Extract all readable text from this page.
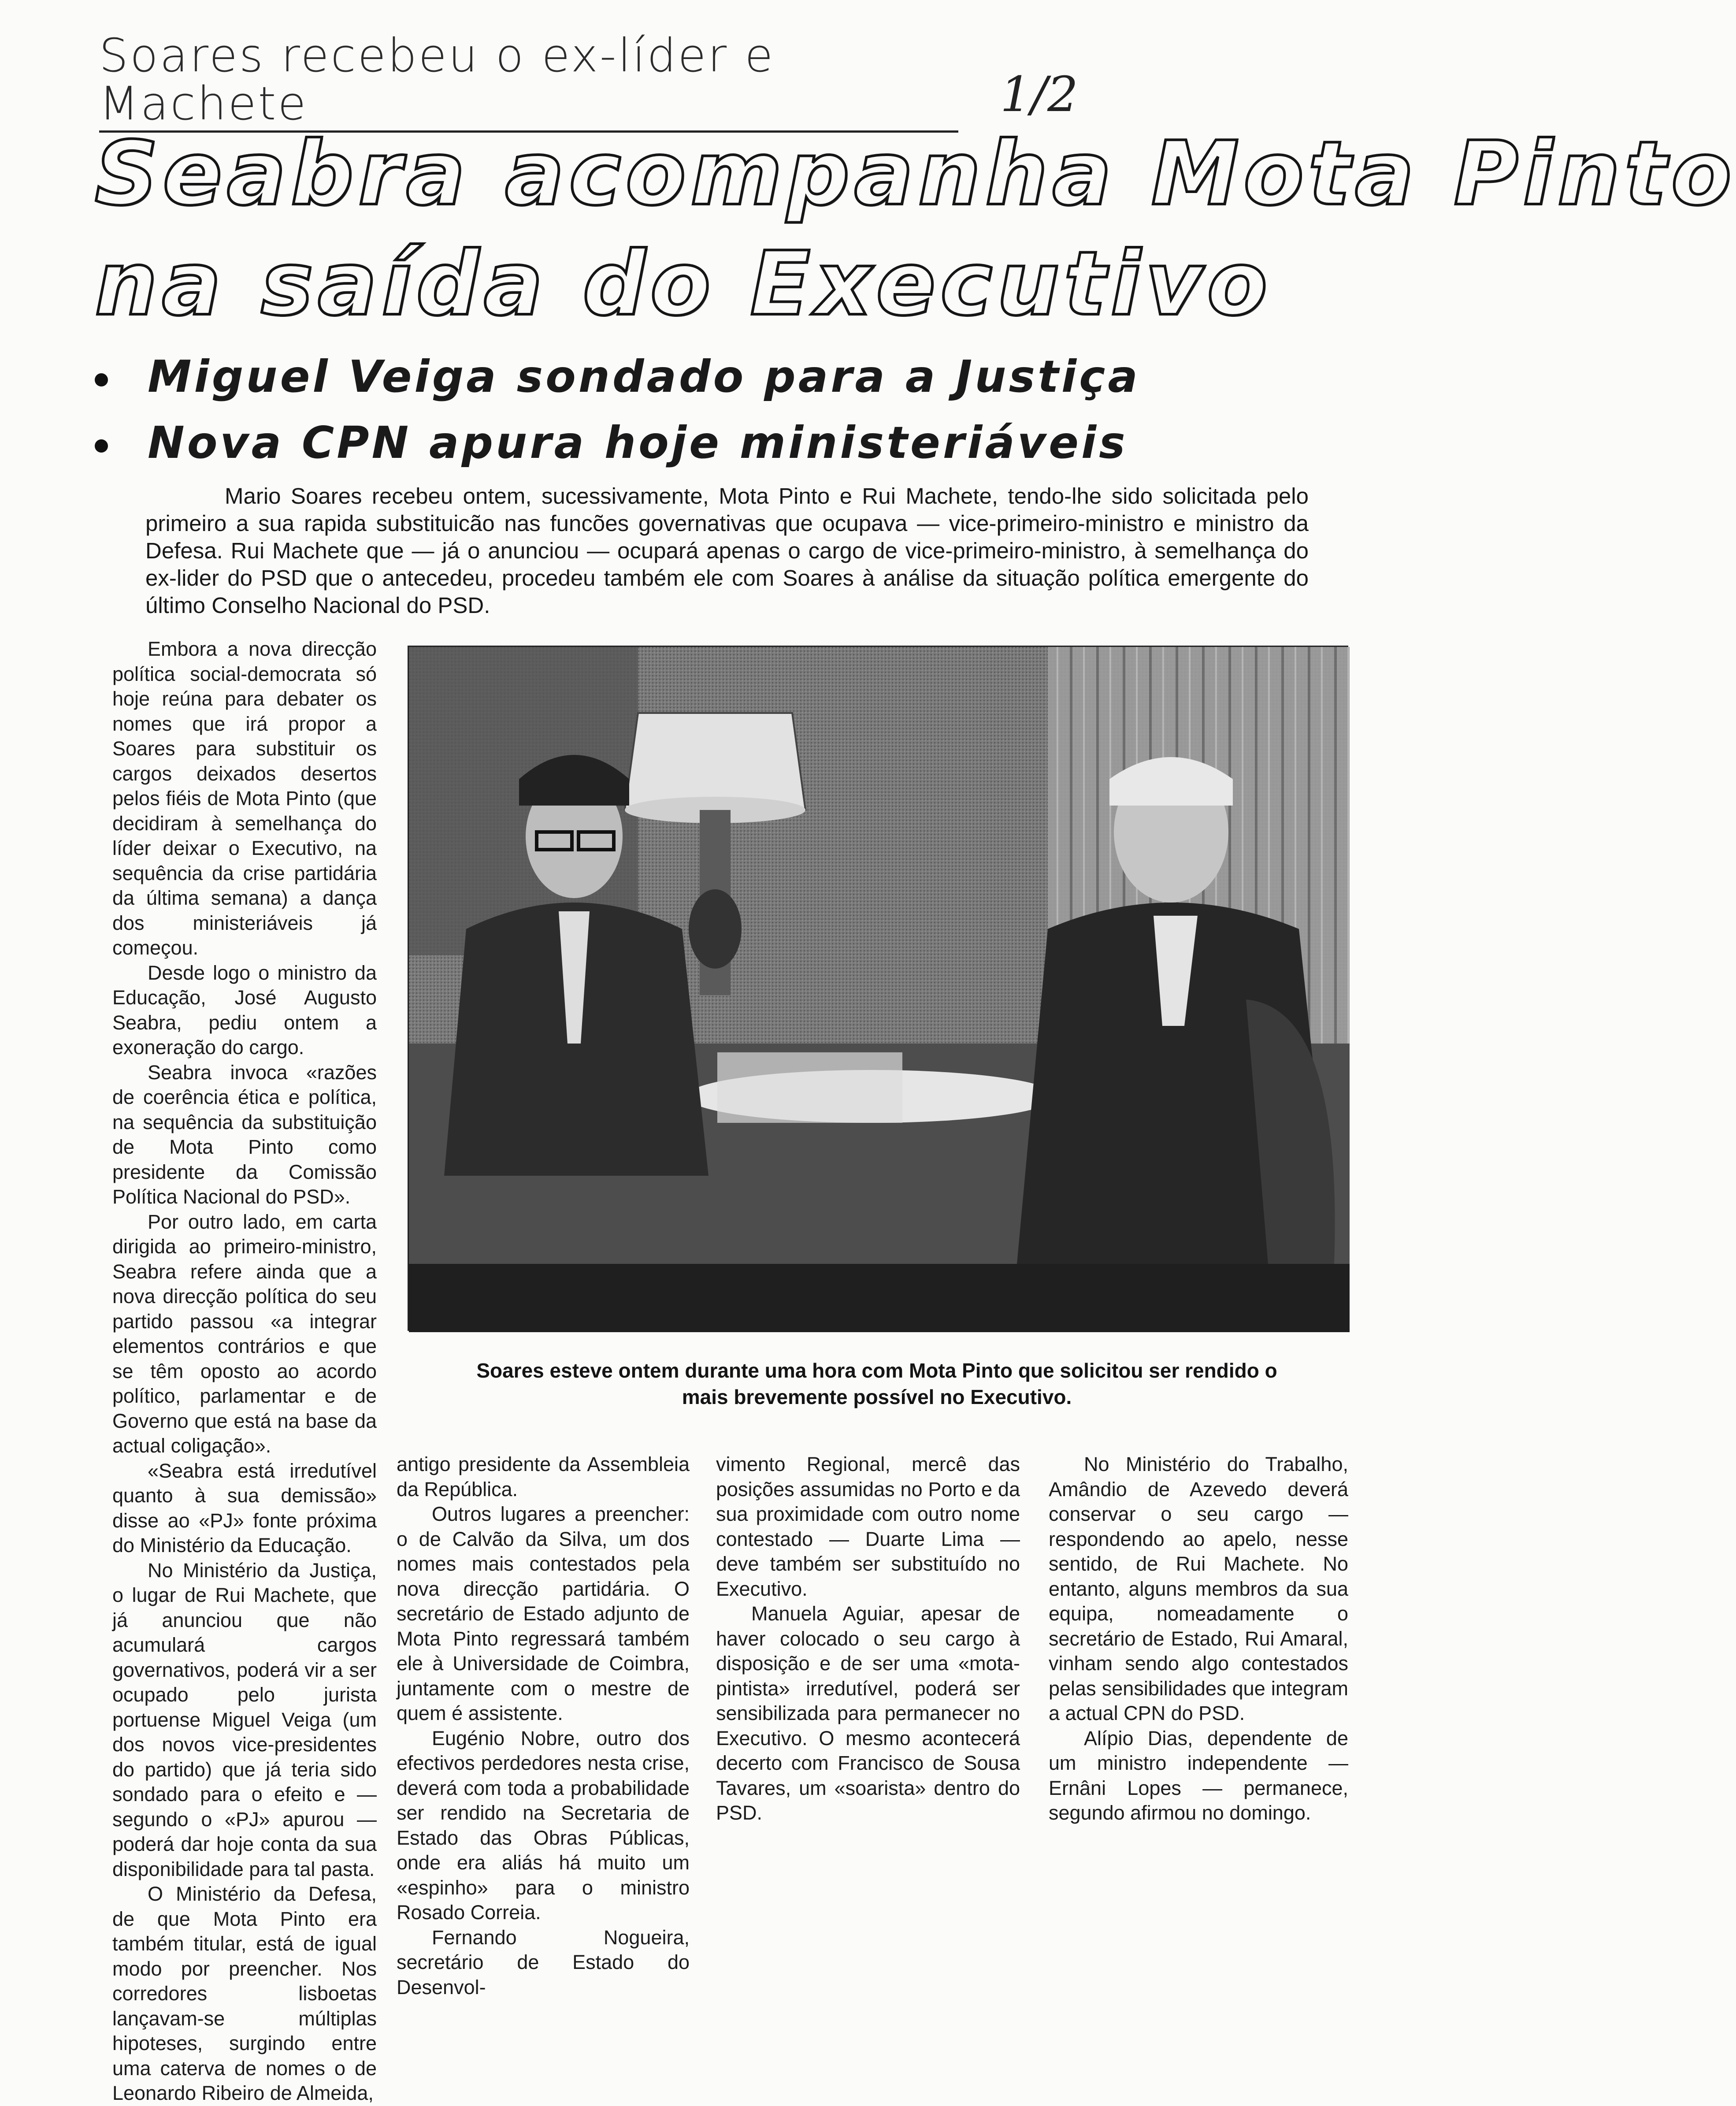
Soares recebeu o ex-líder e Machete	1/2
Seabra acompanha Mota Pinto
na saída do Executivo
Miguel Veiga sondado para a Justiça
Nova CPN apura hoje ministeriáveis
Mario Soares recebeu ontem, sucessivamente, Mota Pinto e Rui Machete, tendo-lhe sido solicitada pelo primeiro a sua rapida substituicão nas funcões governativas que ocupava — vice-primeiro-ministro e ministro da Defesa. Rui Machete que — já o anunciou — ocupará apenas o cargo de vice-primeiro-ministro, à semelhança do ex-lider do PSD que o antecedeu, procedeu também ele com Soares à análise da situação política emergente do último Conselho Nacional do PSD.

Embora a nova direcção política social-democrata só hoje reúna para debater os nomes que irá propor a Soares para substituir os cargos deixados desertos pelos fiéis de Mota Pinto (que decidiram à semelhança do líder deixar o Executivo, na sequência da crise partidária da última semana) a dança dos ministeriáveis já começou.

Desde logo o ministro da Educação, José Augusto Seabra, pediu ontem a exoneração do cargo.

Seabra invoca «razões de coerência ética e política, na sequência da substituição de Mota Pinto como presidente da Comissão Política Nacional do PSD».

Por outro lado, em carta dirigida ao primeiro-ministro, Seabra refere ainda que a nova direcção política do seu partido passou «a integrar elementos contrários e que se têm oposto ao acordo político, parlamentar e de Governo que está na base da actual coligação».

«Seabra está irredutível quanto à sua demissão» disse ao «PJ» fonte próxima do Ministério da Educação.

No Ministério da Justiça, o lugar de Rui Machete, que já anunciou que não acumulará cargos governativos, poderá vir a ser ocupado pelo jurista portuense Miguel Veiga (um dos novos vice-presidentes do partido) que já teria sido sondado para o efeito e — segundo o «PJ» apurou — poderá dar hoje conta da sua disponibilidade para tal pasta.

O Ministério da Defesa, de que Mota Pinto era também titular, está de igual modo por preencher. Nos corredores lisboetas lançavam-se múltiplas hipoteses, surgindo entre uma caterva de nomes o de Leonardo Ribeiro de Almeida,

Soares esteve ontem durante uma hora com Mota Pinto que solicitou ser rendido o mais brevemente possível no Executivo.

antigo presidente da Assembleia da República.

Outros lugares a preencher: o de Calvão da Silva, um dos nomes mais contestados pela nova direcção partidária. O secretário de Estado adjunto de Mota Pinto regressará também ele à Universidade de Coimbra, juntamente com o mestre de quem é assistente.

Eugénio Nobre, outro dos efectivos perdedores nesta crise, deverá com toda a probabilidade ser rendido na Secretaria de Estado das Obras Públicas, onde era aliás há muito um «espinho» para o ministro Rosado Correia.

Fernando Nogueira, secretário de Estado do Desenvol-

vimento Regional, mercê das posições assumidas no Porto e da sua proximidade com outro nome contestado — Duarte Lima — deve também ser substituído no Executivo.

Manuela Aguiar, apesar de haver colocado o seu cargo à disposição e de ser uma «mota-pintista» irredutível, poderá ser sensibilizada para permanecer no Executivo. O mesmo acontecerá decerto com Francisco de Sousa Tavares, um «soarista» dentro do PSD.

No Ministério do Trabalho, Amândio de Azevedo deverá conservar o seu cargo — respondendo ao apelo, nesse sentido, de Rui Machete. No entanto, alguns membros da sua equipa, nomeadamente o secretário de Estado, Rui Amaral, vinham sendo algo contestados pelas sensibilidades que integram a actual CPN do PSD.

Alípio Dias, dependente de um ministro independente — Ernâni Lopes — permanece, segundo afirmou no domingo.
